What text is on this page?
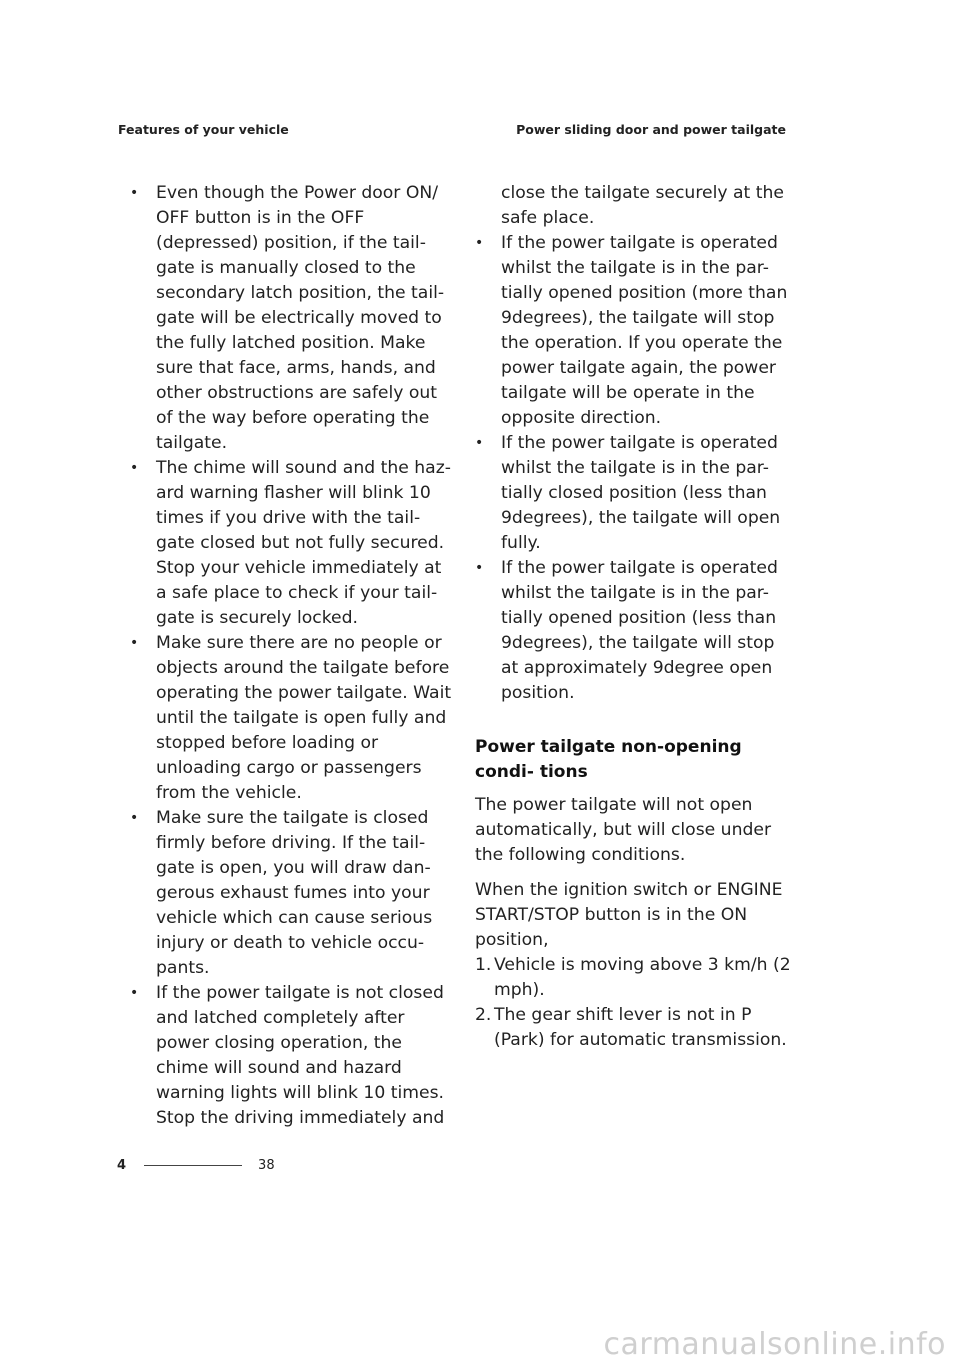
Features of your vehicle	Power sliding door and power tailgate
• Even though the Power door ON/ OFF button is in the OFF (depressed) position, if the tail- gate is manually closed to the secondary latch position, the tail- gate will be electrically moved to the fully latched position. Make sure that face, arms, hands, and other obstructions are safely out of the way before operating the tailgate.
• The chime will sound and the haz- ard warning flasher will blink 10 times if you drive with the tail- gate closed but not fully secured. Stop your vehicle immediately at a safe place to check if your tail- gate is securely locked.
• Make sure there are no people or objects around the tailgate before operating the power tailgate. Wait until the tailgate is open fully and stopped before loading or unloading cargo or passengers from the vehicle.
• Make sure the tailgate is closed firmly before driving. If the tail- gate is open, you will draw dan- gerous exhaust fumes into your vehicle which can cause serious injury or death to vehicle occu- pants.
• If the power tailgate is not closed and latched completely after power closing operation, the chime will sound and hazard warning lights will blink 10 times. Stop the driving immediately and
close the tailgate securely at the safe place.
• If the power tailgate is operated whilst the tailgate is in the par- tially opened position (more than 9degrees), the tailgate will stop the operation. If you operate the power tailgate again, the power tailgate will be operate in the opposite direction.
• If the power tailgate is operated whilst the tailgate is in the par- tially closed position (less than 9degrees), the tailgate will open fully.
• If the power tailgate is operated whilst the tailgate is in the par- tially opened position (less than 9degrees), the tailgate will stop at approximately 9degree open position.
Power tailgate non-opening condi- tions

The power tailgate will not open automatically, but will close under the following conditions.

When the ignition switch or ENGINE START/STOP button is in the ON position,

1. Vehicle is moving above 3 km/h (2 mph).
2. The gear shift lever is not in P (Park) for automatic transmission.
4	38
carmanualsonline.info
